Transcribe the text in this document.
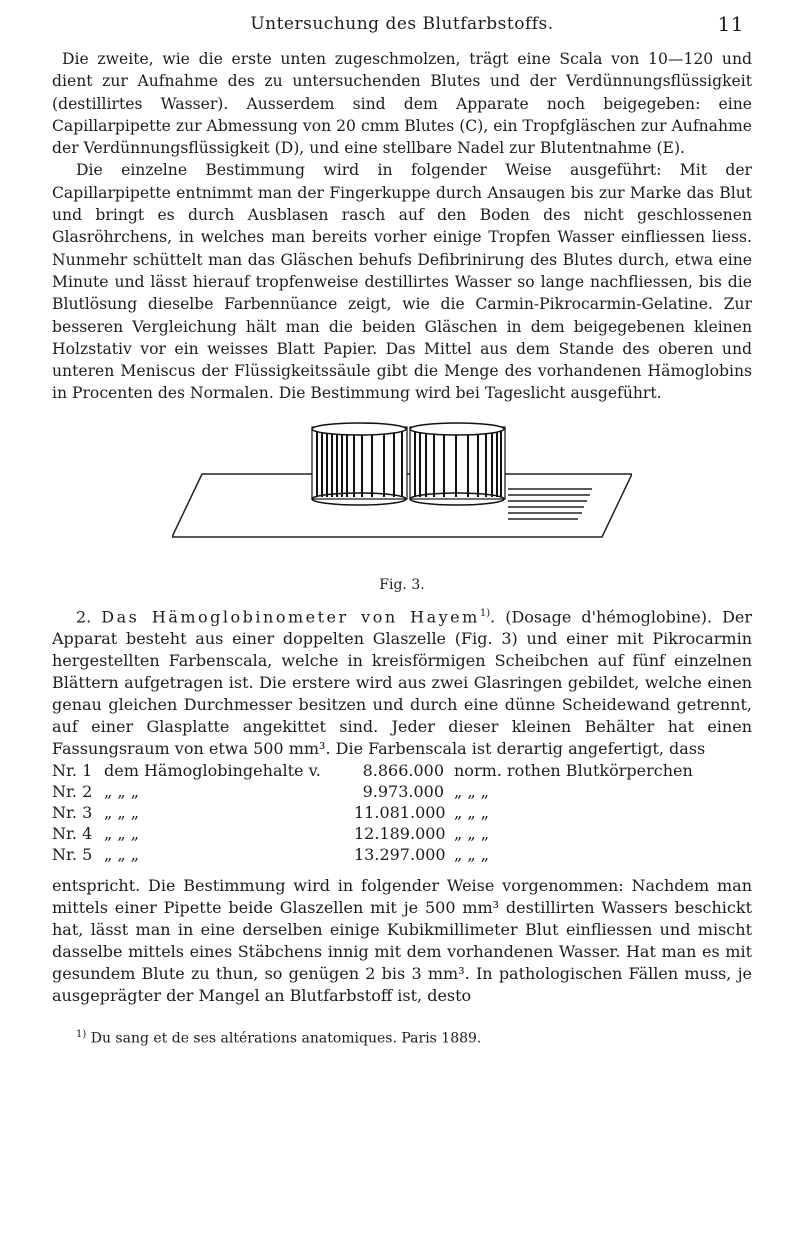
Untersuchung des Blutfarbstoffs.	11

Die zweite, wie die erste unten zugeschmolzen, trägt eine Scala von 10—120 und dient zur Aufnahme des zu untersuchenden Blutes und der Verdünnungsflüssigkeit (destillirtes Wasser). Ausserdem sind dem Apparate noch beigegeben: eine Capillarpipette zur Abmessung von 20 cmm Blutes (C), ein Tropfgläschen zur Aufnahme der Verdünnungsflüssigkeit (D), und eine stellbare Nadel zur Blutentnahme (E).

Die einzelne Bestimmung wird in folgender Weise ausgeführt: Mit der Capillarpipette entnimmt man der Fingerkuppe durch Ansaugen bis zur Marke das Blut und bringt es durch Ausblasen rasch auf den Boden des nicht geschlossenen Glasröhrchens, in welches man bereits vorher einige Tropfen Wasser einfliessen liess. Nunmehr schüttelt man das Gläschen behufs Defibrinirung des Blutes durch, etwa eine Minute und lässt hierauf tropfenweise destillirtes Wasser so lange nachfliessen, bis die Blutlösung dieselbe Farbennüance zeigt, wie die Carmin-Pikrocarmin-Gelatine. Zur besseren Vergleichung hält man die beiden Gläschen in dem beigegebenen kleinen Holzstativ vor ein weisses Blatt Papier. Das Mittel aus dem Stande des oberen und unteren Meniscus der Flüssigkeitssäule gibt die Menge des vorhandenen Hämoglobins in Procenten des Normalen. Die Bestimmung wird bei Tageslicht ausgeführt.

Fig. 3.

2. Das Hämoglobinometer von Hayem$^{1)}$. (Dosage d'hémoglobine). Der Apparat besteht aus einer doppelten Glaszelle (Fig. 3) und einer mit Pikrocarmin hergestellten Farbenscala, welche in kreisförmigen Scheibchen auf fünf einzelnen Blättern aufgetragen ist. Die erstere wird aus zwei Glasringen gebildet, welche einen genau gleichen Durchmesser besitzen und durch eine dünne Scheidewand getrennt, auf einer Glasplatte angekittet sind. Jeder dieser kleinen Behälter hat einen Fassungsraum von etwa 500 mm³. Die Farbenscala ist derartig angefertigt, dass

Nr. 1 dem Hämoglobingehalte v.	8.866.000 norm. rothen Blutkörperchen
Nr. 2 „ „ „	9.973.000 „ „ „
Nr. 3 „ „ „	11.081.000 „ „ „
Nr. 4 „ „ „	12.189.000 „ „ „
Nr. 5 „ „ „	13.297.000 „ „ „

entspricht. Die Bestimmung wird in folgender Weise vorgenommen: Nachdem man mittels einer Pipette beide Glaszellen mit je 500 mm³ destillirten Wassers beschickt hat, lässt man in eine derselben einige Kubikmillimeter Blut einfliessen und mischt dasselbe mittels eines Stäbchens innig mit dem vorhandenen Wasser. Hat man es mit gesundem Blute zu thun, so genügen 2 bis 3 mm³. In pathologischen Fällen muss, je ausgeprägter der Mangel an Blutfarbstoff ist, desto

$^{1)}$ Du sang et de ses altérations anatomiques. Paris 1889.
